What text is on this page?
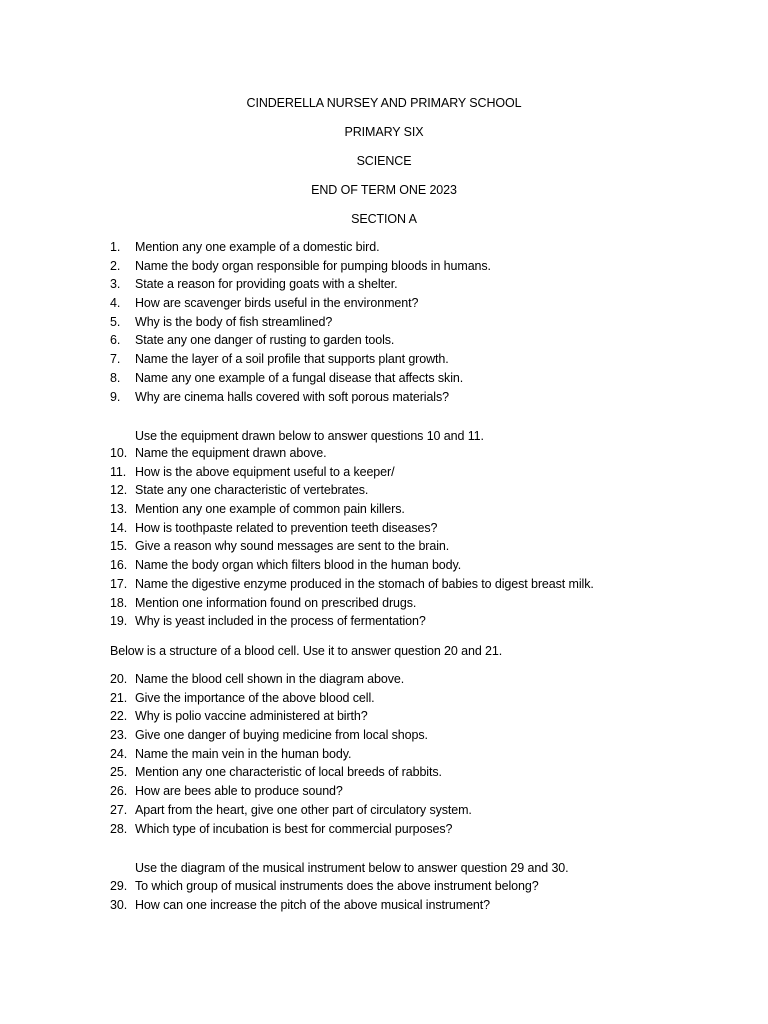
CINDERELLA NURSEY AND PRIMARY SCHOOL
PRIMARY SIX
SCIENCE
END OF TERM ONE 2023
SECTION A
1.	Mention any one example of a domestic bird.
2.	Name the body organ responsible for pumping bloods in humans.
3.	State a reason for providing goats with a shelter.
4.	How are scavenger birds useful in the environment?
5.	Why is the body of fish streamlined?
6.	State any one danger of rusting to garden tools.
7.	Name the layer of a soil profile that supports plant growth.
8.	Name any one example of a fungal disease that affects skin.
9.	Why are cinema halls covered with soft porous materials?
Use the equipment drawn below to answer questions 10 and 11.
10. Name the equipment drawn above.
11. How is the above equipment useful to a keeper/
12. State any one characteristic of vertebrates.
13. Mention any one example of common pain killers.
14. How is toothpaste related to prevention teeth diseases?
15. Give a reason why sound messages are sent to the brain.
16. Name the body organ which filters blood in the human body.
17. Name the digestive enzyme produced in the stomach of babies to digest breast milk.
18. Mention one information found on prescribed drugs.
19. Why is yeast included in the process of fermentation?
Below is a structure of a blood cell. Use it to answer question 20 and 21.
20. Name the blood cell shown in the diagram above.
21. Give the importance of the above blood cell.
22. Why is polio vaccine administered at birth?
23. Give one danger of buying medicine from local shops.
24. Name the main vein in the human body.
25. Mention any one characteristic of local breeds of rabbits.
26. How are bees able to produce sound?
27. Apart from the heart, give one other part of circulatory system.
28. Which type of incubation is best for commercial purposes?
Use the diagram of the musical instrument below to answer question 29 and 30.
29. To which group of musical instruments does the above instrument belong?
30. How can one increase the pitch of the above musical instrument?
